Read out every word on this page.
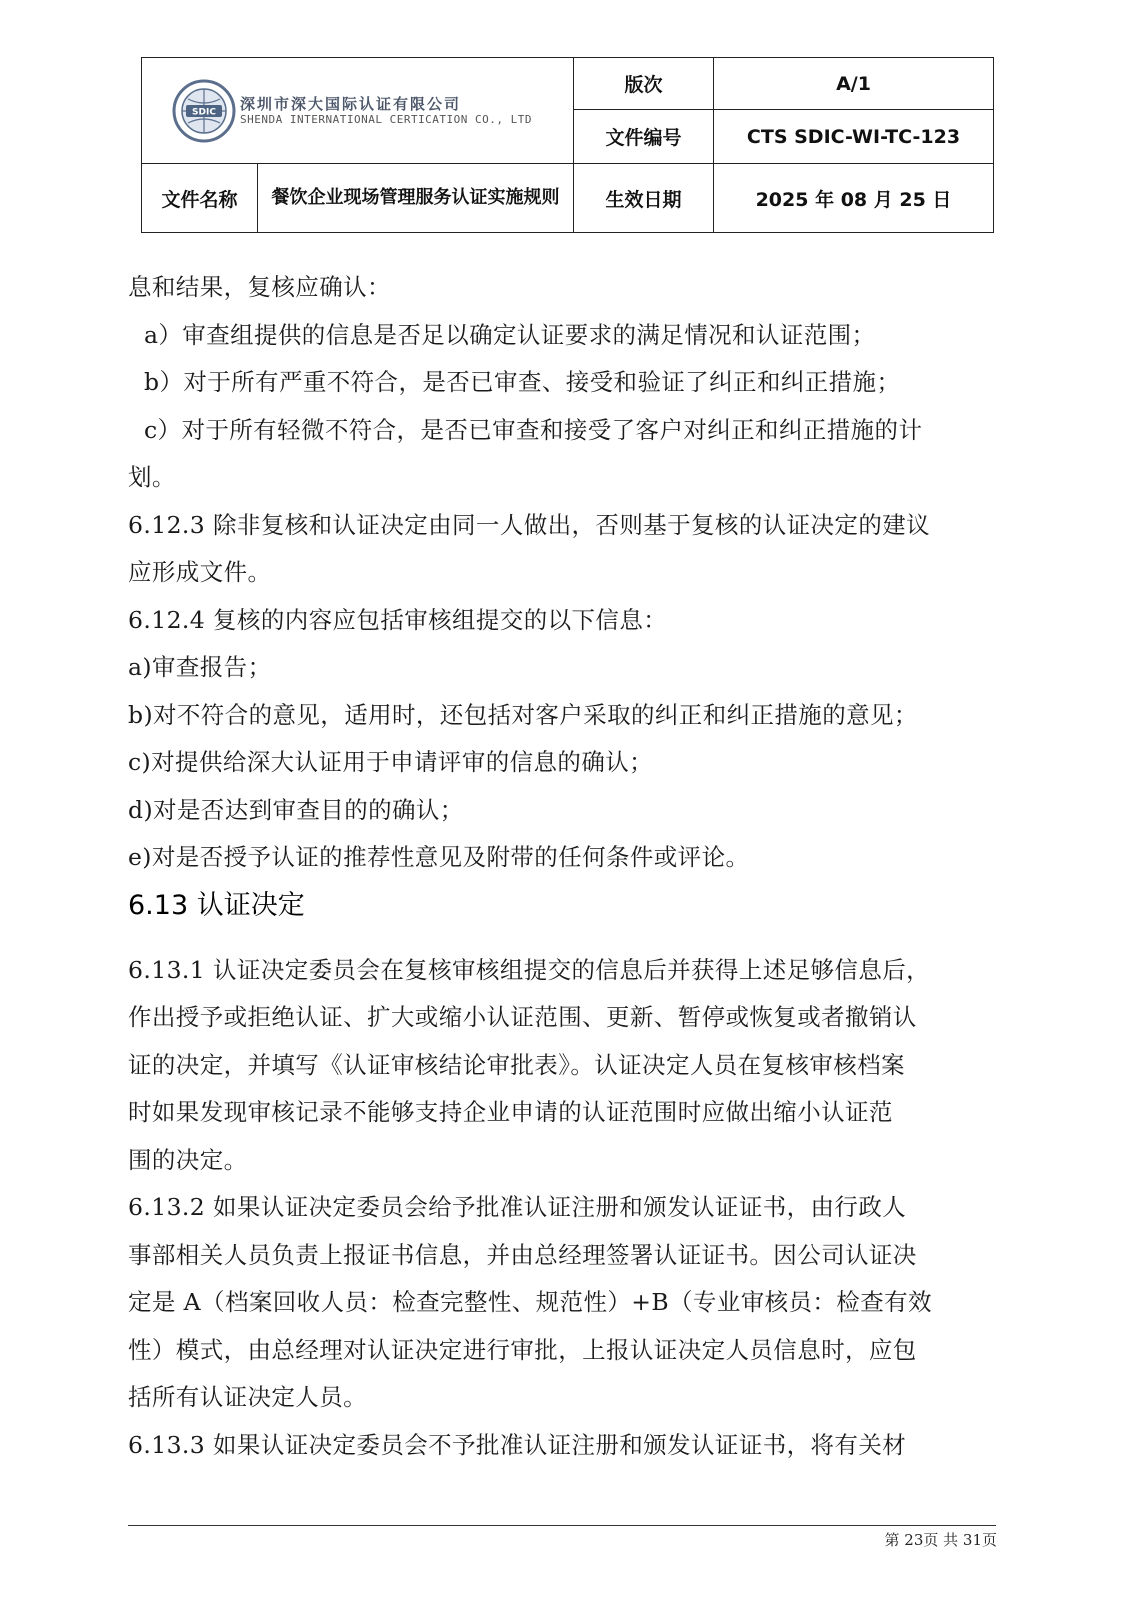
SDIC 深圳市深大国际认证有限公司
SHENDA INTERNATIONAL CERTICATION CO., LTD		版次	A/1
		文件编号	CTS SDIC-WI-TC-123
文件名称	餐饮企业现场管理服务认证实施规则	生效日期	2025 年 08 月 25 日
息和结果，复核应确认：
a）审查组提供的信息是否足以确定认证要求的满足情况和认证范围；
b）对于所有严重不符合，是否已审查、接受和验证了纠正和纠正措施；
c）对于所有轻微不符合，是否已审查和接受了客户对纠正和纠正措施的计
划。
6.12.3 除非复核和认证决定由同一人做出，否则基于复核的认证决定的建议
应形成文件。
6.12.4 复核的内容应包括审核组提交的以下信息：
a)审查报告；
b)对不符合的意见，适用时，还包括对客户采取的纠正和纠正措施的意见；
c)对提供给深大认证用于申请评审的信息的确认；
d)对是否达到审查目的的确认；
e)对是否授予认证的推荐性意见及附带的任何条件或评论。
6.13 认证决定
6.13.1 认证决定委员会在复核审核组提交的信息后并获得上述足够信息后，
作出授予或拒绝认证、扩大或缩小认证范围、更新、暂停或恢复或者撤销认
证的决定，并填写《认证审核结论审批表》。认证决定人员在复核审核档案
时如果发现审核记录不能够支持企业申请的认证范围时应做出缩小认证范
围的决定。
6.13.2 如果认证决定委员会给予批准认证注册和颁发认证证书，由行政人
事部相关人员负责上报证书信息，并由总经理签署认证证书。因公司认证决
定是 A（档案回收人员：检查完整性、规范性）+B（专业审核员：检查有效
性）模式，由总经理对认证决定进行审批，上报认证决定人员信息时，应包
括所有认证决定人员。
6.13.3 如果认证决定委员会不予批准认证注册和颁发认证证书，将有关材
第 23页 共 31页
